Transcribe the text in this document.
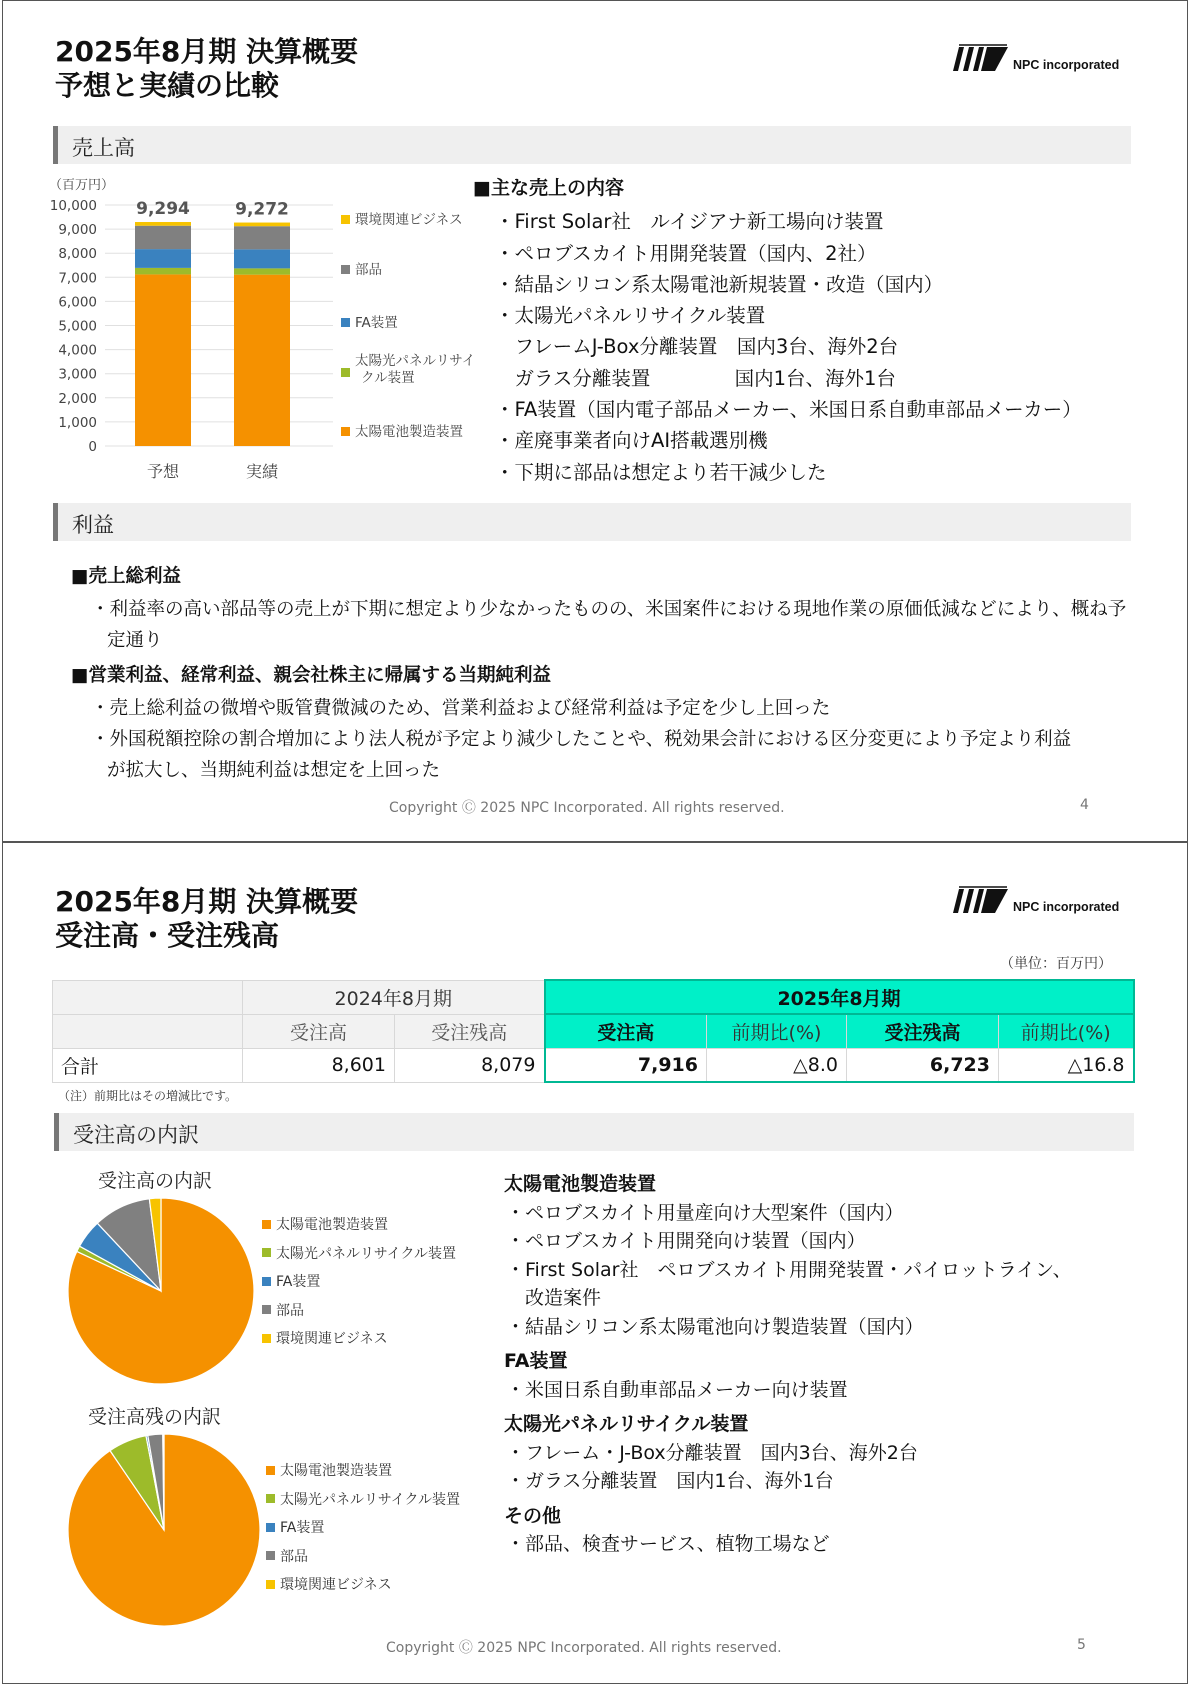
2025年8月期 決算概要
予想と実績の比較
NPC incorporated
売上高
（百万円）
0
1,000
2,000
3,000
4,000
5,000
6,000
7,000
8,000
9,000
10,000 9,294
予想
9,272
実績
環境関連ビジネス
部品
FA装置
太陽光パネルリサイ
クル装置
太陽電池製造装置
■主な売上の内容
・First Solar社　ルイジアナ新工場向け装置
・ペロブスカイト用開発装置（国内、2社）
・結晶シリコン系太陽電池新規装置・改造（国内）
・太陽光パネルリサイクル装置
　フレームJ-Box分離装置　国内3台、海外2台
　ガラス分離装置　　　　 国内1台、海外1台
・FA装置（国内電子部品メーカー、米国日系自動車部品メーカー）
・産廃事業者向けAI搭載選別機
・下期に部品は想定より若干減少した
利益
■売上総利益
・利益率の高い部品等の売上が下期に想定より少なかったものの、米国案件における現地作業の原価低減などにより、概ね予定通り
■営業利益、経常利益、親会社株主に帰属する当期純利益
・売上総利益の微増や販管費微減のため、営業利益および経常利益は予定を少し上回った
・外国税額控除の割合増加により法人税が予定より減少したことや、税効果会計における区分変更により予定より利益が拡大し、当期純利益は想定を上回った
Copyright Ⓒ 2025 NPC Incorporated. All rights reserved.	4
2025年8月期 決算概要
受注高・受注残高
NPC incorporated
（単位：百万円）
	2024年8月期		2025年8月期			
	受注高	受注残高	受注高	前期比(%)	受注残高	前期比(%)
合計	8,601	8,079	7,916	△8.0	6,723	△16.8
（注）前期比はその増減比です。
受注高の内訳
受注高の内訳
太陽電池製造装置
太陽光パネルリサイクル装置
FA装置
部品
環境関連ビジネス
受注高残の内訳
太陽電池製造装置
太陽光パネルリサイクル装置
FA装置
部品
環境関連ビジネス
太陽電池製造装置
・ペロブスカイト用量産向け大型案件（国内）
・ペロブスカイト用開発向け装置（国内）
・First Solar社　ペロブスカイト用開発装置・パイロットライン、
　改造案件
・結晶シリコン系太陽電池向け製造装置（国内）
FA装置
・米国日系自動車部品メーカー向け装置
太陽光パネルリサイクル装置
・フレーム・J-Box分離装置　国内3台、海外2台
・ガラス分離装置　国内1台、海外1台
その他
・部品、検査サービス、植物工場など
Copyright Ⓒ 2025 NPC Incorporated. All rights reserved.	5
